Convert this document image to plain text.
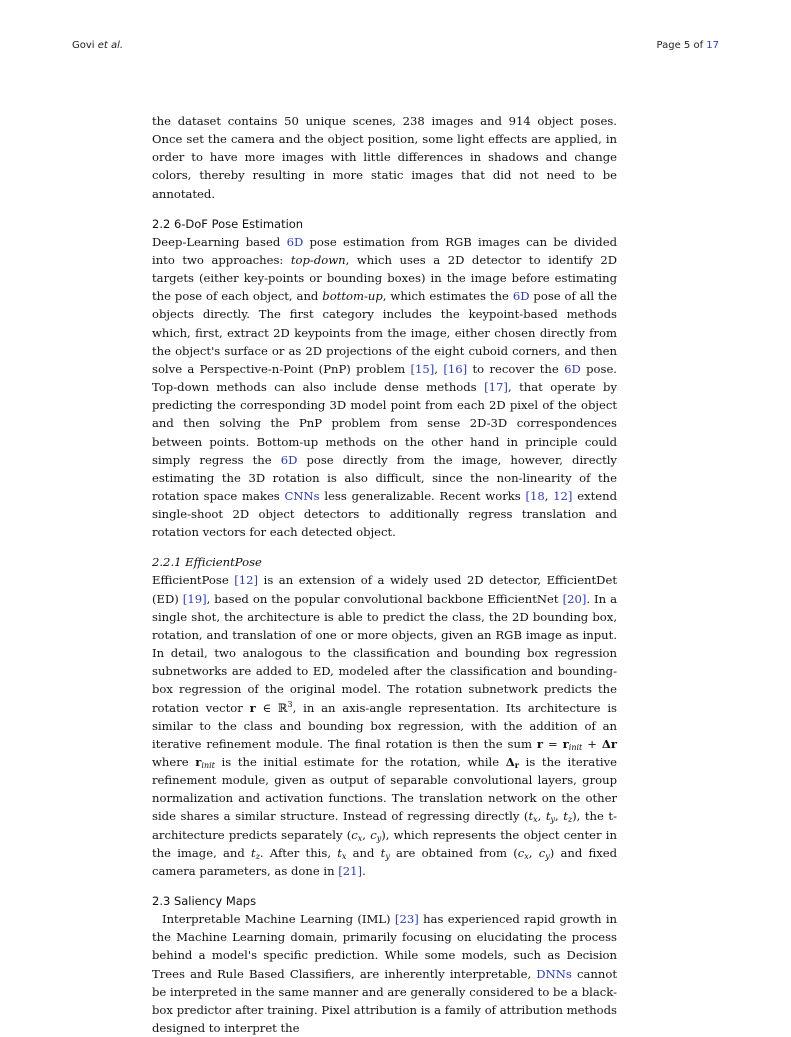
Govi et al.	Page 5 of 17

the dataset contains 50 unique scenes, 238 images and 914 object poses. Once set the camera and the object position, some light effects are applied, in order to have more images with little differences in shadows and change colors, thereby resulting in more static images that did not need to be annotated.

2.2 6-DoF Pose Estimation

Deep-Learning based 6D pose estimation from RGB images can be divided into two approaches: top-down, which uses a 2D detector to identify 2D targets (either key-points or bounding boxes) in the image before estimating the pose of each object, and bottom-up, which estimates the 6D pose of all the objects directly. The first category includes the keypoint-based methods which, first, extract 2D keypoints from the image, either chosen directly from the object's surface or as 2D projections of the eight cuboid corners, and then solve a Perspective-n-Point (PnP) problem [15], [16] to recover the 6D pose. Top-down methods can also include dense methods [17], that operate by predicting the corresponding 3D model point from each 2D pixel of the object and then solving the PnP problem from sense 2D-3D correspondences between points. Bottom-up methods on the other hand in principle could simply regress the 6D pose directly from the image, however, directly estimating the 3D rotation is also difficult, since the non-linearity of the rotation space makes CNNs less generalizable. Recent works [18, 12] extend single-shoot 2D object detectors to additionally regress translation and rotation vectors for each detected object.

2.2.1 EfficientPose

EfficientPose [12] is an extension of a widely used 2D detector, EfficientDet (ED) [19], based on the popular convolutional backbone EfficientNet [20]. In a single shot, the architecture is able to predict the class, the 2D bounding box, rotation, and translation of one or more objects, given an RGB image as input. In detail, two analogous to the classification and bounding box regression subnetworks are added to ED, modeled after the classification and bounding-box regression of the original model. The rotation subnetwork predicts the rotation vector r ∈ ℝ$^3$, in an axis-angle representation. Its architecture is similar to the class and bounding box regression, with the addition of an iterative refinement module. The final rotation is then the sum $r = r_{init} + \Delta r$ where $r_{init}$ is the initial estimate for the rotation, while $\Delta_r$ is the iterative refinement module, given as output of separable convolutional layers, group normalization and activation functions. The translation network on the other side shares a similar structure. Instead of regressing directly ($t_x$, $t_y$, $t_z$), the t-architecture predicts separately ($c_x$, $c_y$), which represents the object center in the image, and $t_z$. After this, $t_x$ and $t_y$ are obtained from ($c_x$, $c_y$) and fixed camera parameters, as done in [21].

2.3 Saliency Maps

Interpretable Machine Learning (IML) [23] has experienced rapid growth in the Machine Learning domain, primarily focusing on elucidating the process behind a model's specific prediction. While some models, such as Decision Trees and Rule Based Classifiers, are inherently interpretable, DNNs cannot be interpreted in the same manner and are generally considered to be a black-box predictor after training. Pixel attribution is a family of attribution methods designed to interpret the
